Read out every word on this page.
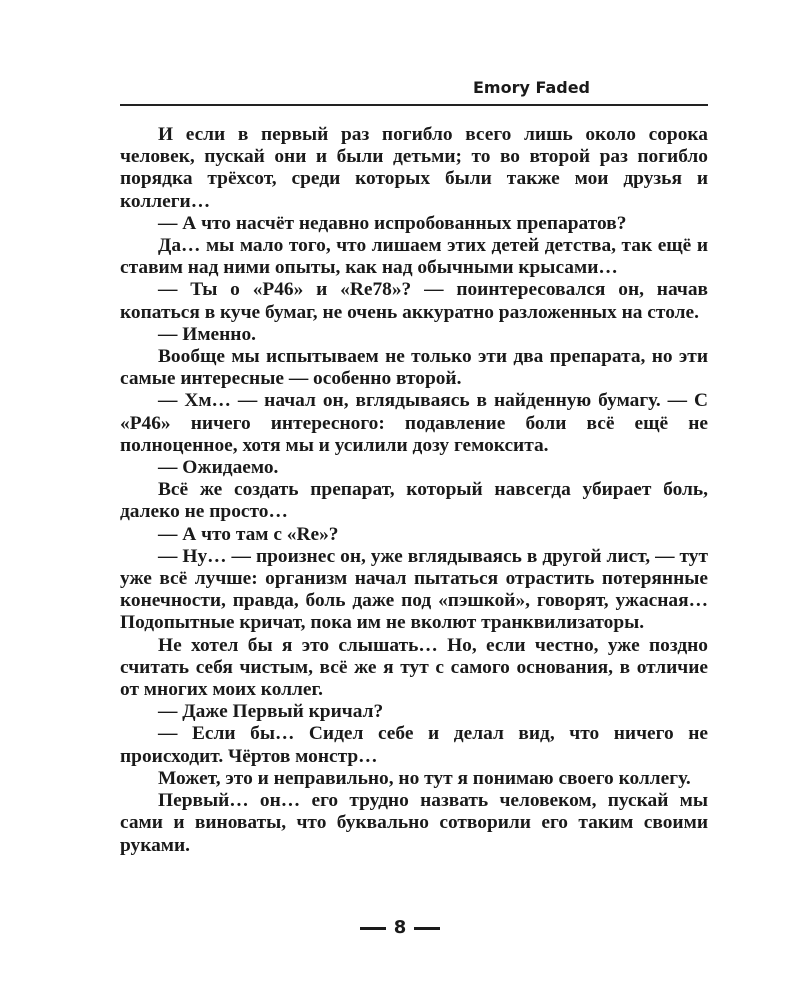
Emory Faded

И если в первый раз погибло всего лишь около сорока человек, пускай они и были детьми; то во второй раз погибло порядка трёхсот, среди которых были также мои друзья и коллеги…

— А что насчёт недавно испробованных препаратов?

Да… мы мало того, что лишаем этих детей детства, так ещё и ставим над ними опыты, как над обычными крысами…

— Ты о «Р46» и «Re78»? — поинтересовался он, начав копаться в куче бумаг, не очень аккуратно разложенных на столе.

— Именно.

Вообще мы испытываем не только эти два препарата, но эти самые интересные — особенно второй.

— Хм… — начал он, вглядываясь в найденную бумагу. — С «Р46» ничего интересного: подавление боли всё ещё не полноценное, хотя мы и усилили дозу гемоксита.

— Ожидаемо.

Всё же создать препарат, который навсегда убирает боль, далеко не просто…

— А что там с «Re»?

— Ну… — произнес он, уже вглядываясь в другой лист, — тут уже всё лучше: организм начал пытаться отрастить потерянные конечности, правда, боль даже под «пэшкой», говорят, ужасная… Подопытные кричат, пока им не вколют транквилизаторы.

Не хотел бы я это слышать… Но, если честно, уже поздно считать себя чистым, всё же я тут с самого основания, в отличие от многих моих коллег.

— Даже Первый кричал?

— Если бы… Сидел себе и делал вид, что ничего не происходит. Чёртов монстр…

Может, это и неправильно, но тут я понимаю своего коллегу.

Первый… он… его трудно назвать человеком, пускай мы сами и виноваты, что буквально сотворили его таким своими руками.

8
